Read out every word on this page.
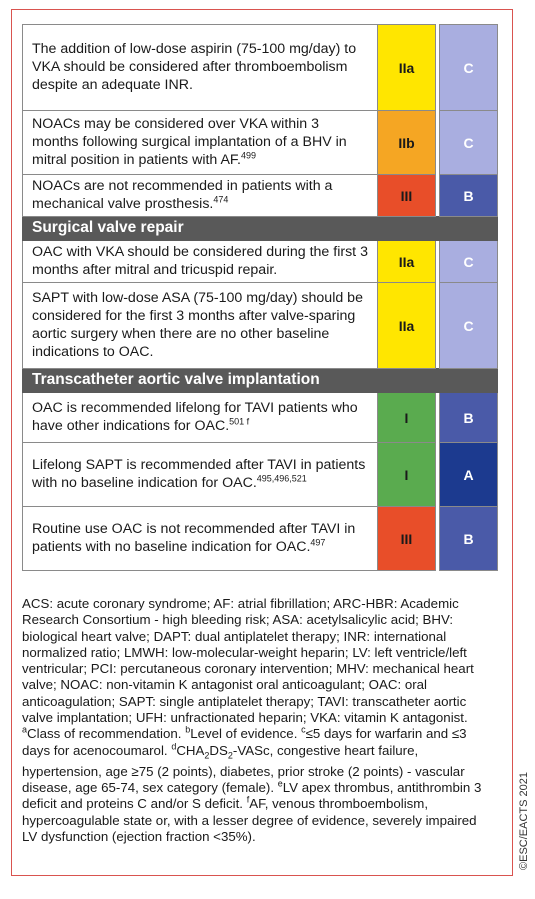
The addition of low-dose aspirin (75-100 mg/day) to VKA should be considered after thromboembolism despite an adequate INR.	IIa		C
NOACs may be considered over VKA within 3 months following surgical implantation of a BHV in mitral position in patients with AF.$^{499}$	IIb		C
NOACs are not recommended in patients with a mechanical valve prosthesis.$^{474}$	III		B
Surgical valve repair			
OAC with VKA should be considered during the first 3 months after mitral and tricuspid repair.	IIa		C
SAPT with low-dose ASA (75-100 mg/day) should be considered for the first 3 months after valve-sparing aortic surgery when there are no other baseline indications to OAC.	IIa		C
Transcatheter aortic valve implantation			
OAC is recommended lifelong for TAVI patients who have other indications for OAC.$^{501 f}$	I		B
Lifelong SAPT is recommended after TAVI in patients with no baseline indication for OAC.$^{495,496,521}$	I		A
Routine use OAC is not recommended after TAVI in patients with no baseline indication for OAC.$^{497}$	III		B
ACS: acute coronary syndrome; AF: atrial fibrillation; ARC-HBR: Academic Research Consortium - high bleeding risk; ASA: acetylsalicylic acid; BHV: biological heart valve; DAPT: dual antiplatelet therapy; INR: international normalized ratio; LMWH: low-molecular-weight heparin; LV: left ventricle/left ventricular; PCI: percutaneous coronary intervention; MHV: mechanical heart valve; NOAC: non-vitamin K antagonist oral anticoagulant; OAC: oral anticoagulation; SAPT: single antiplatelet therapy; TAVI: transcatheter aortic valve implantation; UFH: unfractionated heparin; VKA: vitamin K antagonist. $^a$Class of recommendation. $^b$Level of evidence. $^c$≤5 days for warfarin and ≤3 days for acenocoumarol. $^dCHA_2DS_2$-VASc, congestive heart failure, hypertension, age ≥75 (2 points), diabetes, prior stroke (2 points) - vascular disease, age 65-74, sex category (female). $^e$LV apex thrombus, antithrombin 3 deficit and proteins C and/or S deficit. $^f$AF, venous thromboembolism, hypercoagulable state or, with a lesser degree of evidence, severely impaired LV dysfunction (ejection fraction <35%).	©ESC/EACTS 2021
